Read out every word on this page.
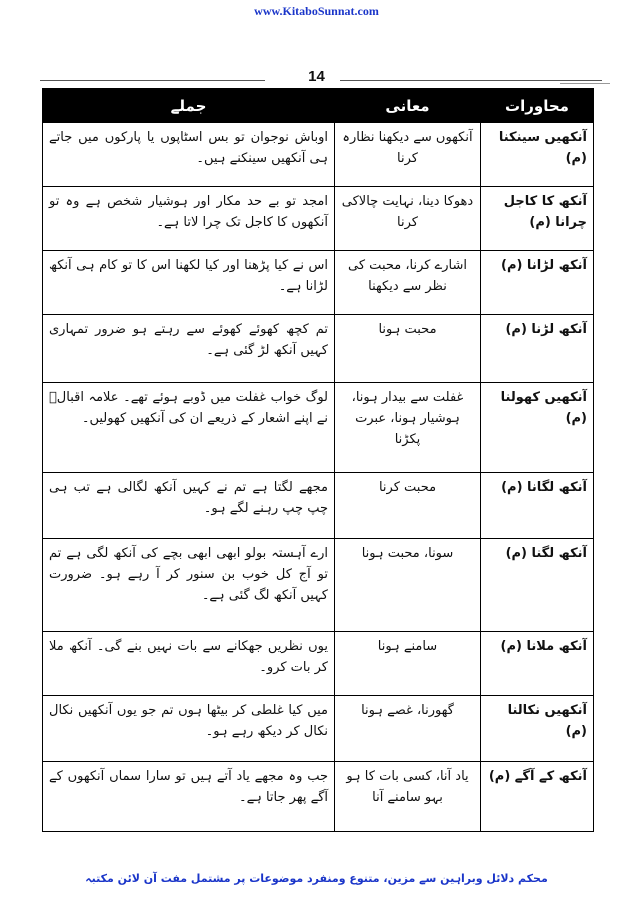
www.KitaboSunnat.com
14
محاورات	معانی	جملے
آنکھیں سینکنا (م)	آنکھوں سے دیکھنا نظارہ کرنا	اوباش نوجوان تو بس اسٹاپوں یا پارکوں میں جاتے ہی آنکھیں سینکنے ہیں۔
آنکھ کا کاجل چرانا (م)	دھوکا دینا، نہایت چالاکی کرنا	امجد تو بے حد مکار اور ہوشیار شخص ہے وہ تو آنکھوں کا کاجل تک چرا لاتا ہے۔
آنکھ لڑانا (م)	اشارے کرنا، محبت کی نظر سے دیکھنا	اس نے کیا پڑھنا اور کیا لکھنا اس کا تو کام ہی آنکھ لڑانا ہے۔
آنکھ لڑنا (م)	محبت ہونا	تم کچھ کھوئے کھوئے سے رہتے ہو ضرور تمہاری کہیں آنکھ لڑ گئی ہے۔
آنکھیں کھولنا (م)	غفلت سے بیدار ہونا، ہوشیار ہونا، عبرت پکڑنا	لوگ خواب غفلت میں ڈوبے ہوئے تھے۔ علامہ اقبالؒ نے اپنے اشعار کے ذریعے ان کی آنکھیں کھولیں۔
آنکھ لگانا (م)	محبت کرنا	مجھے لگتا ہے تم نے کہیں آنکھ لگالی ہے تب ہی چپ چپ رہنے لگے ہو۔
آنکھ لگنا (م)	سونا، محبت ہونا	ارے آہستہ بولو ابھی ابھی بچے کی آنکھ لگی ہے تم تو آج کل خوب بن سنور کر آ رہے ہو۔ ضرورت کہیں آنکھ لگ گئی ہے۔
آنکھ ملانا (م)	سامنے ہونا	یوں نظریں جھکانے سے بات نہیں بنے گی۔ آنکھ ملا کر بات کرو۔
آنکھیں نکالنا (م)	گھورنا، غصے ہونا	میں کیا غلطی کر بیٹھا ہوں تم جو یوں آنکھیں نکال نکال کر دیکھ رہے ہو۔
آنکھ کے آگے (م)	یاد آنا، کسی بات کا ہو بہو سامنے آنا	جب وہ مجھے یاد آتے ہیں تو سارا سماں آنکھوں کے آگے پھر جاتا ہے۔
محکم دلائل وبراہین سے مزین، متنوع ومنفرد موضوعات پر مشتمل مفت آن لائن مکتبہ
